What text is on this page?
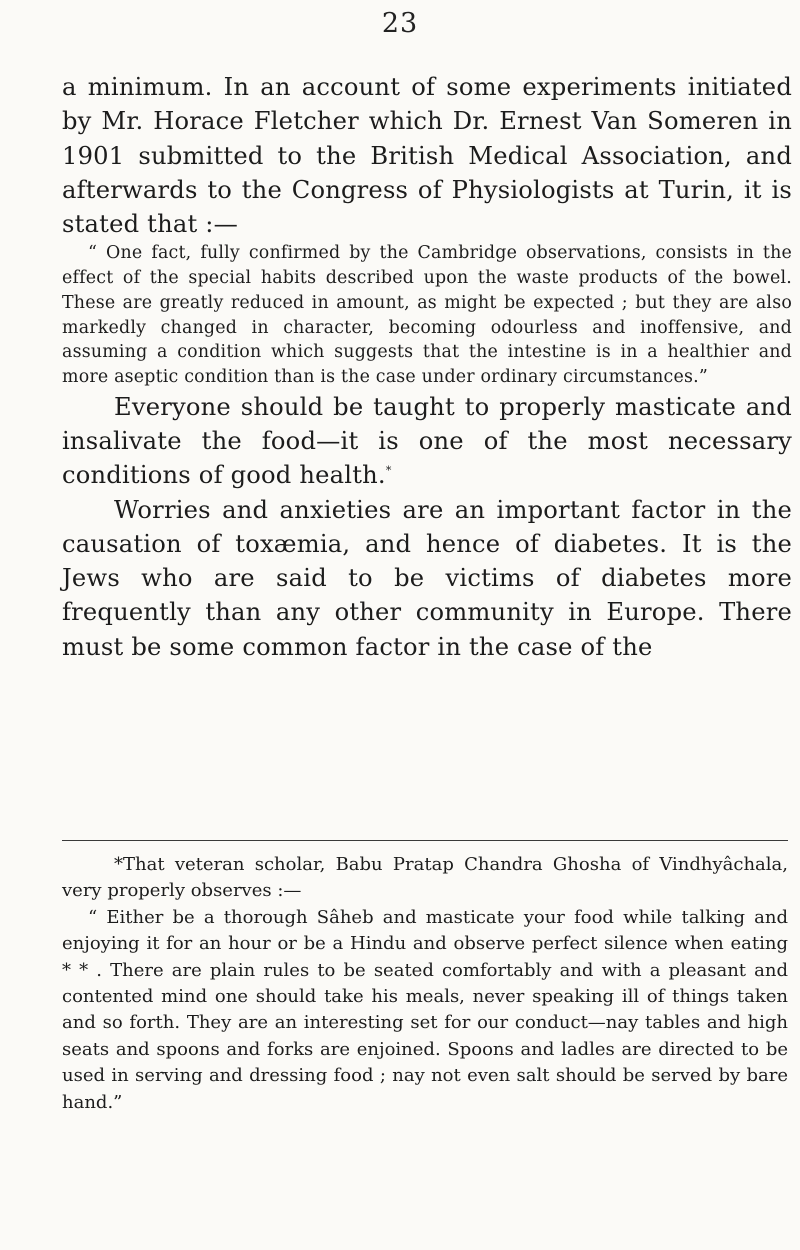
23

a minimum. In an account of some experiments initiated by Mr. Horace Fletcher which Dr. Ernest Van Someren in 1901 submitted to the British Medical Association, and afterwards to the Congress of Physiologists at Turin, it is stated that :—

“ One fact, fully confirmed by the Cambridge observations, consists in the effect of the special habits described upon the waste products of the bowel. These are greatly reduced in amount, as might be expected ; but they are also markedly changed in character, becoming odourless and inoffensive, and assuming a condition which suggests that the intestine is in a healthier and more aseptic condition than is the case under ordinary circumstances.”

Everyone should be taught to properly masticate and insalivate the food—it is one of the most necessary conditions of good health.*

Worries and anxieties are an important factor in the causation of toxæmia, and hence of diabetes. It is the Jews who are said to be victims of diabetes more frequently than any other community in Europe. There must be some common factor in the case of the

*That veteran scholar, Babu Pratap Chandra Ghosha of Vindhyâchala, very properly observes :—

“ Either be a thorough Sâheb and masticate your food while talking and enjoying it for an hour or be a Hindu and observe perfect silence when eating * * . There are plain rules to be seated comfortably and with a pleasant and contented mind one should take his meals, never speaking ill of things taken and so forth. They are an interesting set for our conduct—nay tables and high seats and spoons and forks are enjoined. Spoons and ladles are directed to be used in serving and dressing food ; nay not even salt should be served by bare hand.”
